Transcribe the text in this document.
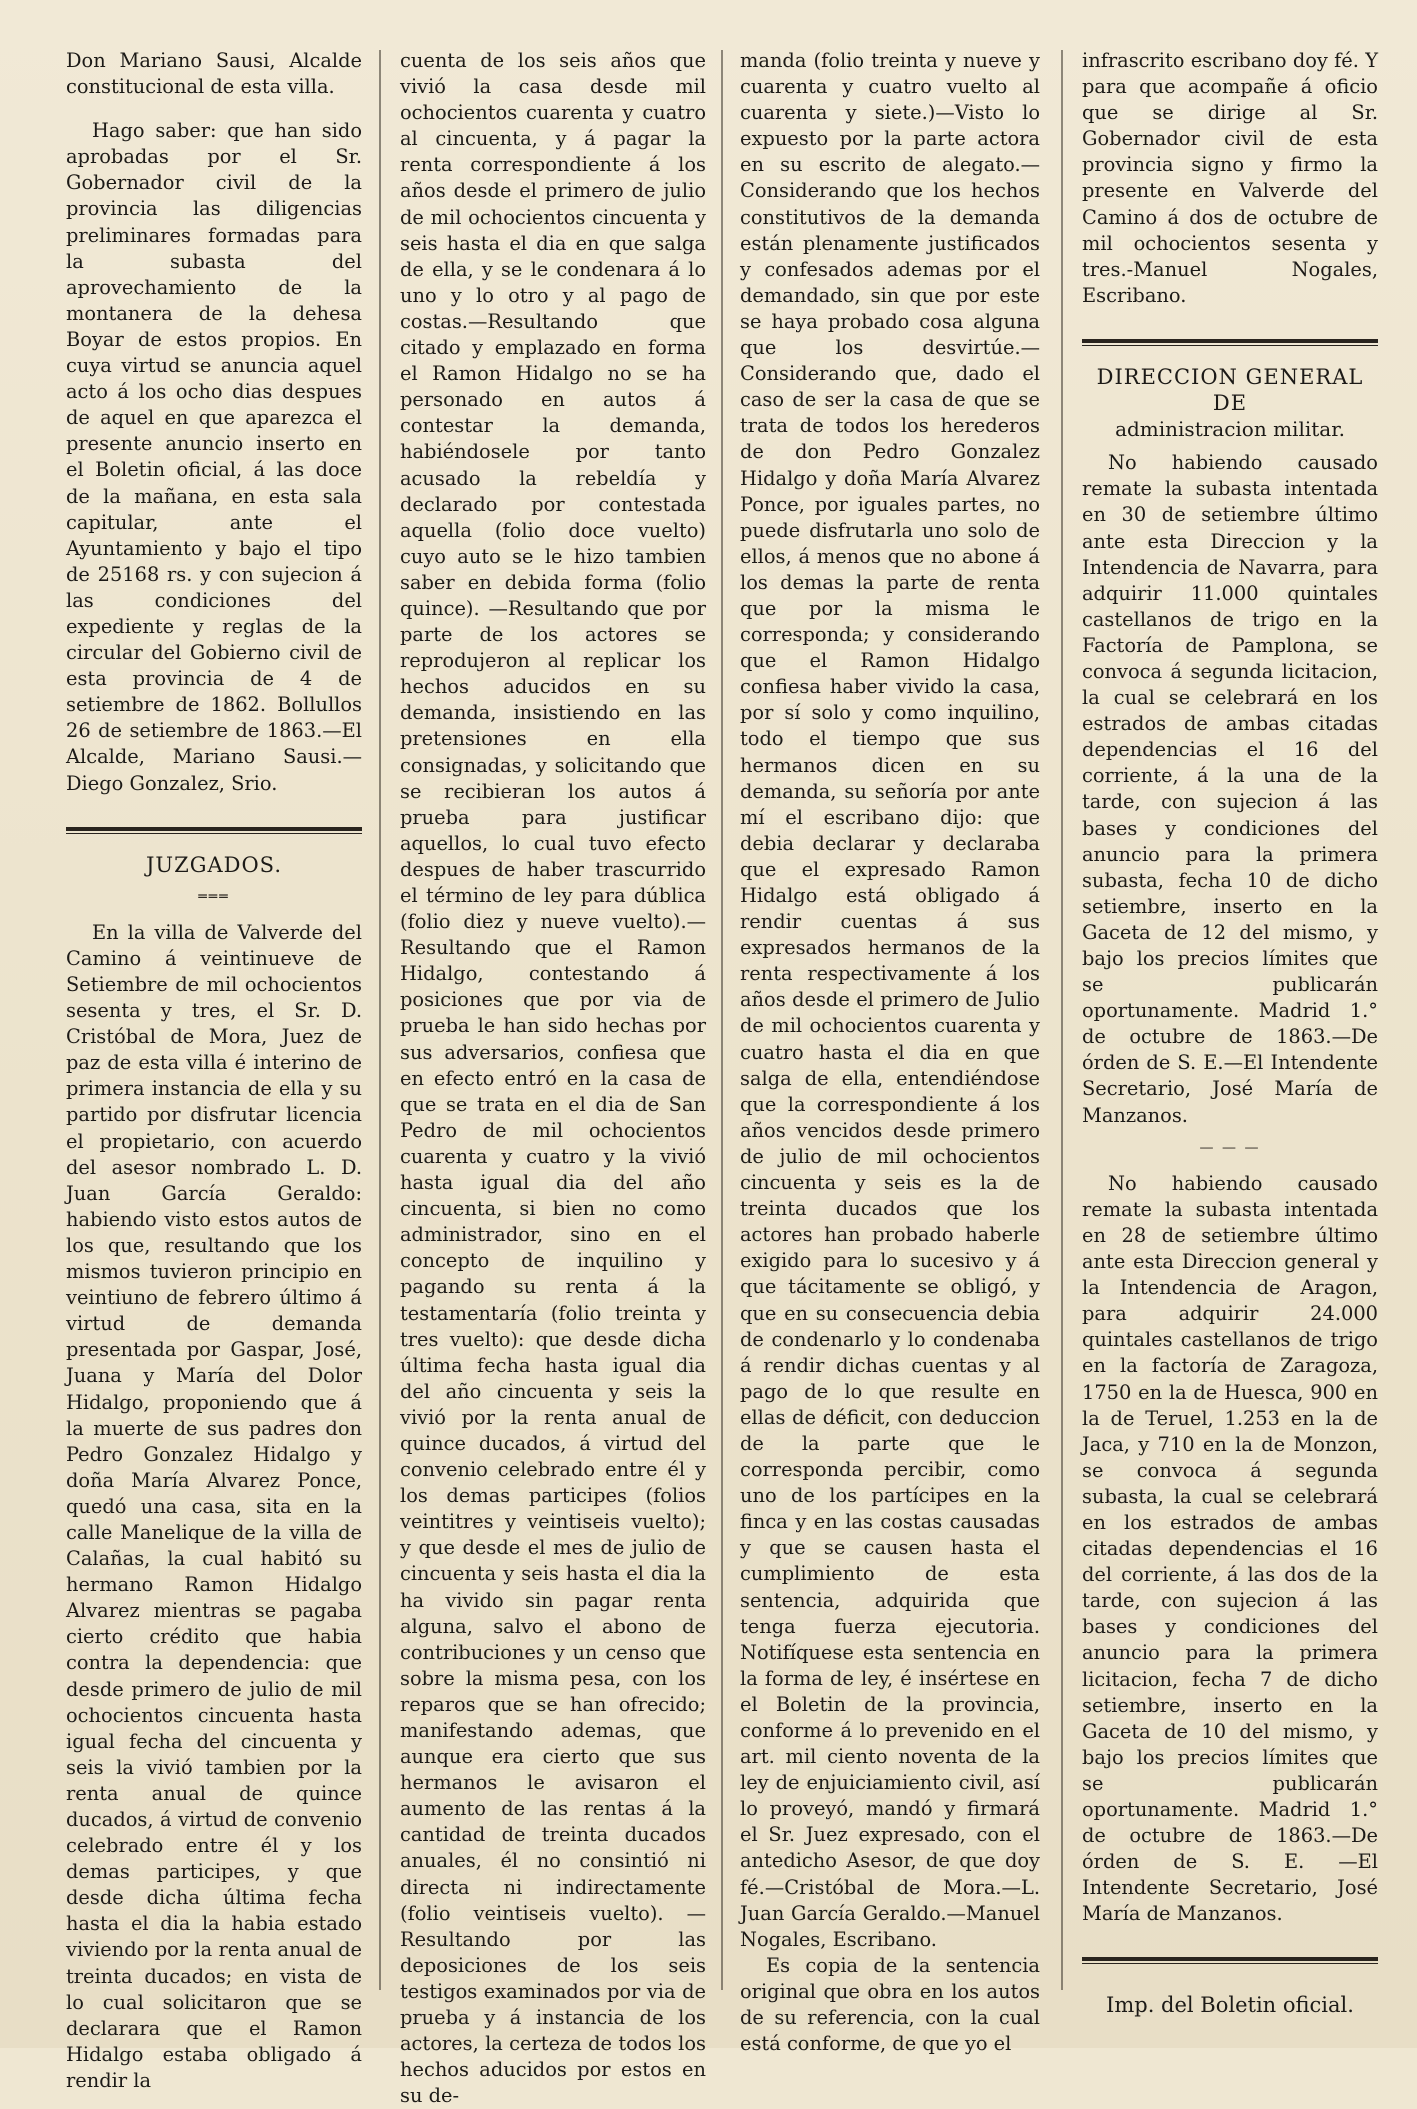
Don Mariano Sausi, Alcalde constitucional de esta villa.

Hago saber: que han sido aprobadas por el Sr. Gobernador civil de la provincia las diligencias preliminares formadas para la subasta del aprovechamiento de la montanera de la dehesa Boyar de estos propios. En cuya virtud se anuncia aquel acto á los ocho dias despues de aquel en que aparezca el presente anuncio inserto en el Boletin oficial, á las doce de la mañana, en esta sala capitular, ante el Ayuntamiento y bajo el tipo de 25168 rs. y con sujecion á las condiciones del expediente y reglas de la circular del Gobierno civil de esta provincia de 4 de setiembre de 1862. Bollullos 26 de setiembre de 1863.—El Alcalde, Mariano Sausi.—Diego Gonzalez, Srio.

JUZGADOS.

═══

En la villa de Valverde del Camino á veintinueve de Setiembre de mil ochocientos sesenta y tres, el Sr. D. Cristóbal de Mora, Juez de paz de esta villa é interino de primera instancia de ella y su partido por disfrutar licencia el propietario, con acuerdo del asesor nombrado L. D. Juan García Geraldo: habiendo visto estos autos de los que, resultando que los mismos tuvieron principio en veintiuno de febrero último á virtud de demanda presentada por Gaspar, José, Juana y María del Dolor Hidalgo, proponiendo que á la muerte de sus padres don Pedro Gonzalez Hidalgo y doña María Alvarez Ponce, quedó una casa, sita en la calle Manelique de la villa de Calañas, la cual habitó su hermano Ramon Hidalgo Alvarez mientras se pagaba cierto crédito que habia contra la dependencia: que desde primero de julio de mil ochocientos cincuenta hasta igual fecha del cincuenta y seis la vivió tambien por la renta anual de quince ducados, á virtud de convenio celebrado entre él y los demas participes, y que desde dicha última fecha hasta el dia la habia estado viviendo por la renta anual de treinta ducados; en vista de lo cual solicitaron que se declarara que el Ramon Hidalgo estaba obligado á rendir la

cuenta de los seis años que vivió la casa desde mil ochocientos cuarenta y cuatro al cincuenta, y á pagar la renta correspondiente á los años desde el primero de julio de mil ochocientos cincuenta y seis hasta el dia en que salga de ella, y se le condenara á lo uno y lo otro y al pago de costas.—Resultando que citado y emplazado en forma el Ramon Hidalgo no se ha personado en autos á contestar la demanda, habiéndosele por tanto acusado la rebeldía y declarado por contestada aquella (folio doce vuelto) cuyo auto se le hizo tambien saber en debida forma (folio quince). —Resultando que por parte de los actores se reprodujeron al replicar los hechos aducidos en su demanda, insistiendo en las pretensiones en ella consignadas, y solicitando que se recibieran los autos á prueba para justificar aquellos, lo cual tuvo efecto despues de haber trascurrido el término de ley para dública (folio diez y nueve vuelto).—Resultando que el Ramon Hidalgo, contestando á posiciones que por via de prueba le han sido hechas por sus adversarios, confiesa que en efecto entró en la casa de que se trata en el dia de San Pedro de mil ochocientos cuarenta y cuatro y la vivió hasta igual dia del año cincuenta, si bien no como administrador, sino en el concepto de inquilino y pagando su renta á la testamentaría (folio treinta y tres vuelto): que desde dicha última fecha hasta igual dia del año cincuenta y seis la vivió por la renta anual de quince ducados, á virtud del convenio celebrado entre él y los demas participes (folios veintitres y veintiseis vuelto); y que desde el mes de julio de cincuenta y seis hasta el dia la ha vivido sin pagar renta alguna, salvo el abono de contribuciones y un censo que sobre la misma pesa, con los reparos que se han ofrecido; manifestando ademas, que aunque era cierto que sus hermanos le avisaron el aumento de las rentas á la cantidad de treinta ducados anuales, él no consintió ni directa ni indirectamente (folio veintiseis vuelto). —Resultando por las deposiciones de los seis testigos examinados por via de prueba y á instancia de los actores, la certeza de todos los hechos aducidos por estos en su de-

manda (folio treinta y nueve y cuarenta y cuatro vuelto al cuarenta y siete.)—Visto lo expuesto por la parte actora en su escrito de alegato.—Considerando que los hechos constitutivos de la demanda están plenamente justificados y confesados ademas por el demandado, sin que por este se haya probado cosa alguna que los desvirtúe.—Considerando que, dado el caso de ser la casa de que se trata de todos los herederos de don Pedro Gonzalez Hidalgo y doña María Alvarez Ponce, por iguales partes, no puede disfrutarla uno solo de ellos, á menos que no abone á los demas la parte de renta que por la misma le corresponda; y considerando que el Ramon Hidalgo confiesa haber vivido la casa, por sí solo y como inquilino, todo el tiempo que sus hermanos dicen en su demanda, su señoría por ante mí el escribano dijo: que debia declarar y declaraba que el expresado Ramon Hidalgo está obligado á rendir cuentas á sus expresados hermanos de la renta respectivamente á los años desde el primero de Julio de mil ochocientos cuarenta y cuatro hasta el dia en que salga de ella, entendiéndose que la correspondiente á los años vencidos desde primero de julio de mil ochocientos cincuenta y seis es la de treinta ducados que los actores han probado haberle exigido para lo sucesivo y á que tácitamente se obligó, y que en su consecuencia debia de condenarlo y lo condenaba á rendir dichas cuentas y al pago de lo que resulte en ellas de déficit, con deduccion de la parte que le corresponda percibir, como uno de los partícipes en la finca y en las costas causadas y que se causen hasta el cumplimiento de esta sentencia, adquirida que tenga fuerza ejecutoria. Notifíquese esta sentencia en la forma de ley, é insértese en el Boletin de la provincia, conforme á lo prevenido en el art. mil ciento noventa de la ley de enjuiciamiento civil, así lo proveyó, mandó y firmará el Sr. Juez expresado, con el antedicho Asesor, de que doy fé.—Cristóbal de Mora.—L. Juan García Geraldo.—Manuel Nogales, Escribano.

Es copia de la sentencia original que obra en los autos de su referencia, con la cual está conforme, de que yo el

infrascrito escribano doy fé. Y para que acompañe á oficio que se dirige al Sr. Gobernador civil de esta provincia signo y firmo la presente en Valverde del Camino á dos de octubre de mil ochocientos sesenta y tres.-Manuel Nogales, Escribano.

DIRECCION GENERAL DE

administracion militar.

No habiendo causado remate la subasta intentada en 30 de setiembre último ante esta Direccion y la Intendencia de Navarra, para adquirir 11.000 quintales castellanos de trigo en la Factoría de Pamplona, se convoca á segunda licitacion, la cual se celebrará en los estrados de ambas citadas dependencias el 16 del corriente, á la una de la tarde, con sujecion á las bases y condiciones del anuncio para la primera subasta, fecha 10 de dicho setiembre, inserto en la Gaceta de 12 del mismo, y bajo los precios límites que se publicarán oportunamente. Madrid 1.° de octubre de 1863.—De órden de S. E.—El Intendente Secretario, José María de Manzanos.

— — —

No habiendo causado remate la subasta intentada en 28 de setiembre último ante esta Direccion general y la Intendencia de Aragon, para adquirir 24.000 quintales castellanos de trigo en la factoría de Zaragoza, 1750 en la de Huesca, 900 en la de Teruel, 1.253 en la de Jaca, y 710 en la de Monzon, se convoca á segunda subasta, la cual se celebrará en los estrados de ambas citadas dependencias el 16 del corriente, á las dos de la tarde, con sujecion á las bases y condiciones del anuncio para la primera licitacion, fecha 7 de dicho setiembre, inserto en la Gaceta de 10 del mismo, y bajo los precios límites que se publicarán oportunamente. Madrid 1.° de octubre de 1863.—De órden de S. E. —El Intendente Secretario, José María de Manzanos.

Imp. del Boletin oficial.
